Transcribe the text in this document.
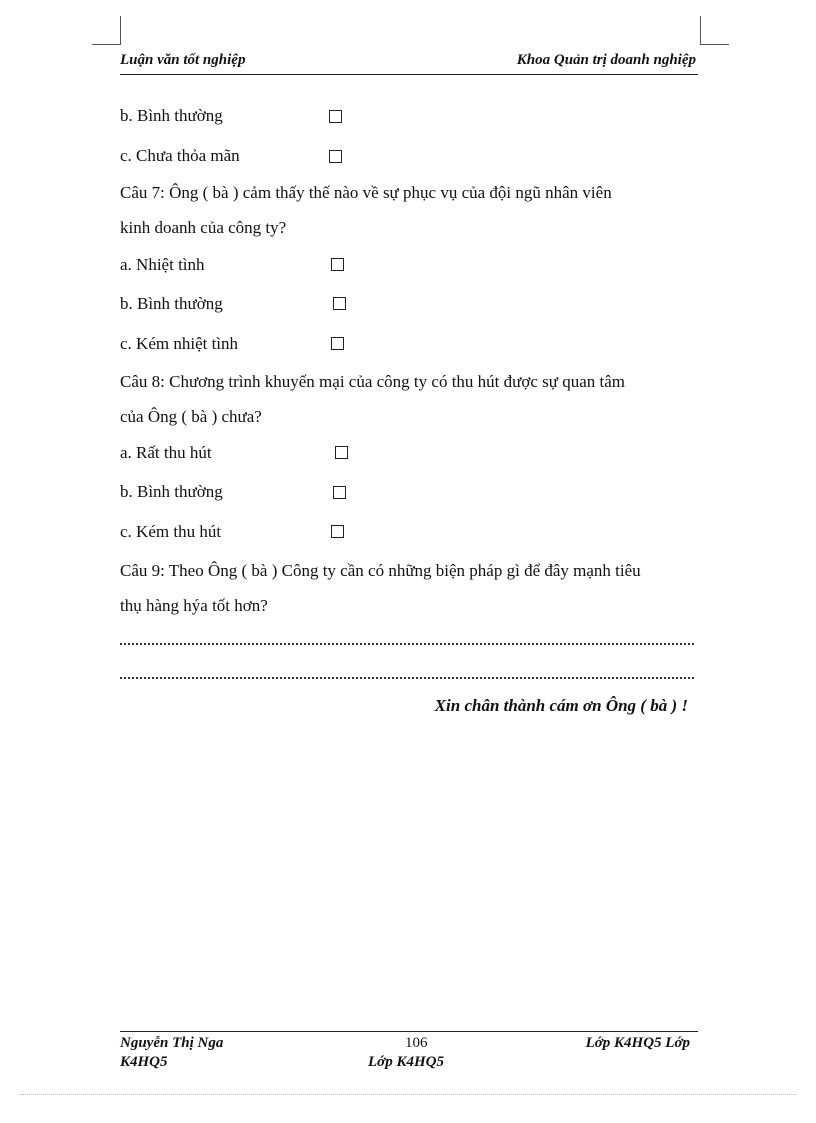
Luận văn tốt nghiệp	Khoa Quản trị doanh nghiệp
b. Bình thường
c. Chưa thỏa mãn
Câu 7: Ông ( bà ) cảm thấy thế nào về sự phục vụ của đội ngũ nhân viên
kinh doanh của công ty?
a. Nhiệt tình
b. Bình thường
c. Kém nhiệt tình
Câu 8: Chương trình khuyến mại của công ty có thu hút được sự quan tâm
của Ông ( bà ) chưa?
a. Rất thu hút
b. Bình thường
c. Kém thu hút
Câu 9: Theo Ông ( bà ) Công ty cần có những biện pháp gì để đây mạnh tiêu
thụ hàng hýa tốt hơn?
Xin chân thành cám ơn Ông ( bà ) !
Nguyễn Thị Nga	106	Lớp K4HQ5 Lớp
K4HQ5	Lớp K4HQ5
